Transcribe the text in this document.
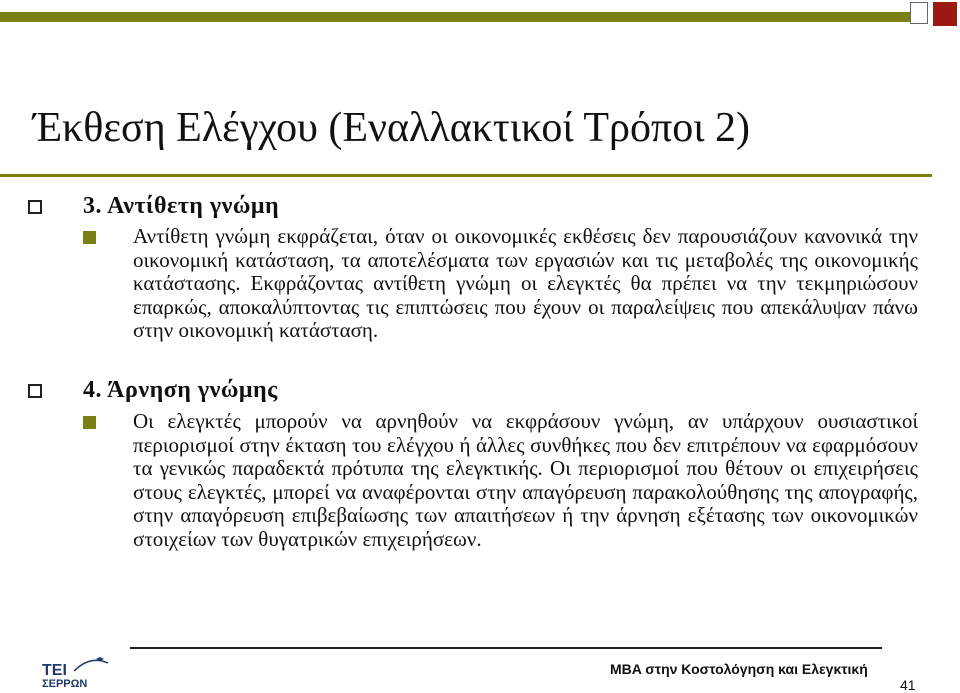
Έκθεση Ελέγχου (Εναλλακτικοί Τρόποι 2)
3. Αντίθετη γνώμη

Αντίθετη γνώμη εκφράζεται, όταν οι οικονομικές εκθέσεις δεν παρουσιάζουν κανονικά την οικονομική κατάσταση, τα αποτελέσματα των εργασιών και τις μεταβολές της οικονομικής κατάστασης. Εκφράζοντας αντίθετη γνώμη οι ελεγκτές θα πρέπει να την τεκμηριώσουν επαρκώς, αποκαλύπτοντας τις επιπτώσεις που έχουν οι παραλείψεις που απεκάλυψαν πάνω στην οικονομική κατάσταση.

4. Άρνηση γνώμης

Οι ελεγκτές μπορούν να αρνηθούν να εκφράσουν γνώμη, αν υπάρχουν ουσιαστικοί περιορισμοί στην έκταση του ελέγχου ή άλλες συνθήκες που δεν επιτρέπουν να εφαρμόσουν τα γενικώς παραδεκτά πρότυπα της ελεγκτικής. Οι περιορισμοί που θέτουν οι επιχειρήσεις στους ελεγκτές, μπορεί να αναφέρονται στην απαγόρευση παρακολούθησης της απογραφής, στην απαγόρευση επιβεβαίωσης των απαιτήσεων ή την άρνηση εξέτασης των οικονομικών στοιχείων των θυγατρικών επιχειρήσεων.

ΤΕΙ
ΣΕΡΡΩΝ
MBA στην Κοστολόγηση και Ελεγκτική
41
